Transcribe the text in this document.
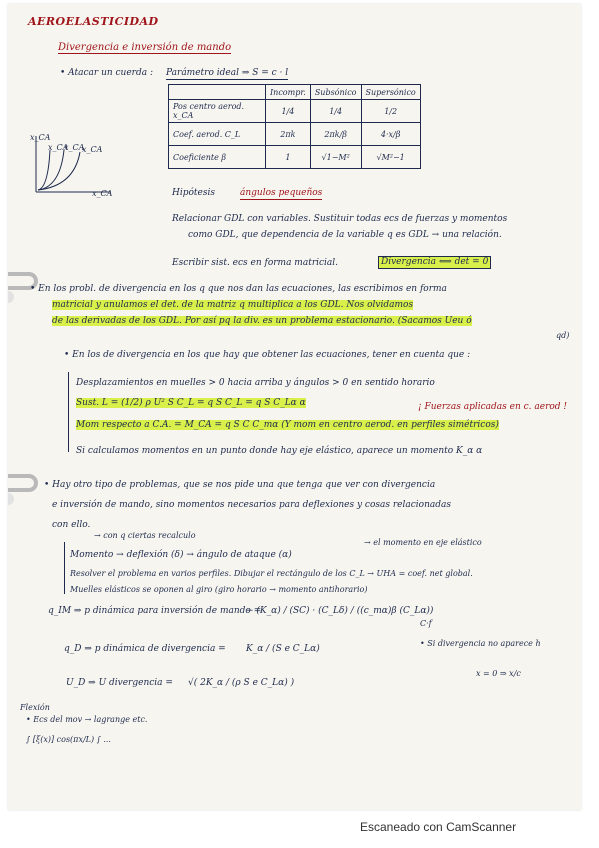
AEROELASTICIDAD
Divergencia e inversión de mando
• Atacar un cuerda : Parámetro ideal ⇒ S = c · l
	Incompr.	Subsónico	Supersónico
Pos centro aerod. x_CA	1/4	1/4	1/2
Coef. aerod. C_L	2πk	2πk/β	4·x/β
Coeficiente β	1	√1−M²	√M²−1
x_CA
x_CA
x_CA
x_CA
x_CA	Hipótesis	ángulos pequeños
Relacionar GDL con variables. Sustituir todas ecs de fuerzas y momentos
como GDL, que dependencia de la variable q es GDL → una relación.
Escribir sist. ecs en forma matricial.	Divergencia ⟺ det = 0
• En los probl. de divergencia en los q que nos dan las ecuaciones, las escribimos en forma
matricial y anulamos el det. de la matriz q multiplica a los GDL. Nos olvidamos
de las derivadas de los GDL. Por así pq la div. es un problema estacionario. (Sacamos Ueu ó
qd)
• En los de divergencia en los que hay que obtener las ecuaciones, tener en cuenta que :
Desplazamientos en muelles > 0 hacia arriba y ángulos > 0 en sentido horario
Sust. L = (1/2) ρ U² S C_L = q S C_L = q S C_Lα α	¡ Fuerzas aplicadas en c. aerod !
Mom respecto a C.A. = M_CA = q S C C_mα (Y mom en centro aerod. en perfiles simétricos)
Si calculamos momentos en un punto donde hay eje elástico, aparece un momento K_α α
• Hay otro tipo de problemas, que se nos pide una que tenga que ver con divergencia
e inversión de mando, sino momentos necesarios para deflexiones y cosas relacionadas
con ello.
→ con q ciertas recalculo
→ el momento en eje elástico
Momento → deflexión (δ) → ángulo de ataque (α)
Resolver el problema en varios perfiles. Dibujar el rectángulo de los C_L → UHA = coef. net global.
Muelles elásticos se oponen al giro (giro horario → momento antihorario)
q_IM ⇒ p dinámica para inversión de mando =
− (K_α) / (SC) · (C_Lδ) / ((c_mα)β (C_Lα))
q_D ⇒ p dinámica de divergencia = K_α / (S e C_Lα)
U_D ⇒ U divergencia = √( 2K_α / (ρ S e C_Lα) )
C·f
• Si divergencia no aparece h
x = 0 ⇒ x/c
Flexión
• Ecs del mov → lagrange etc.
∫ [ξ(x)] cos(πx/L) ∫ ...
Escaneado con CamScanner
